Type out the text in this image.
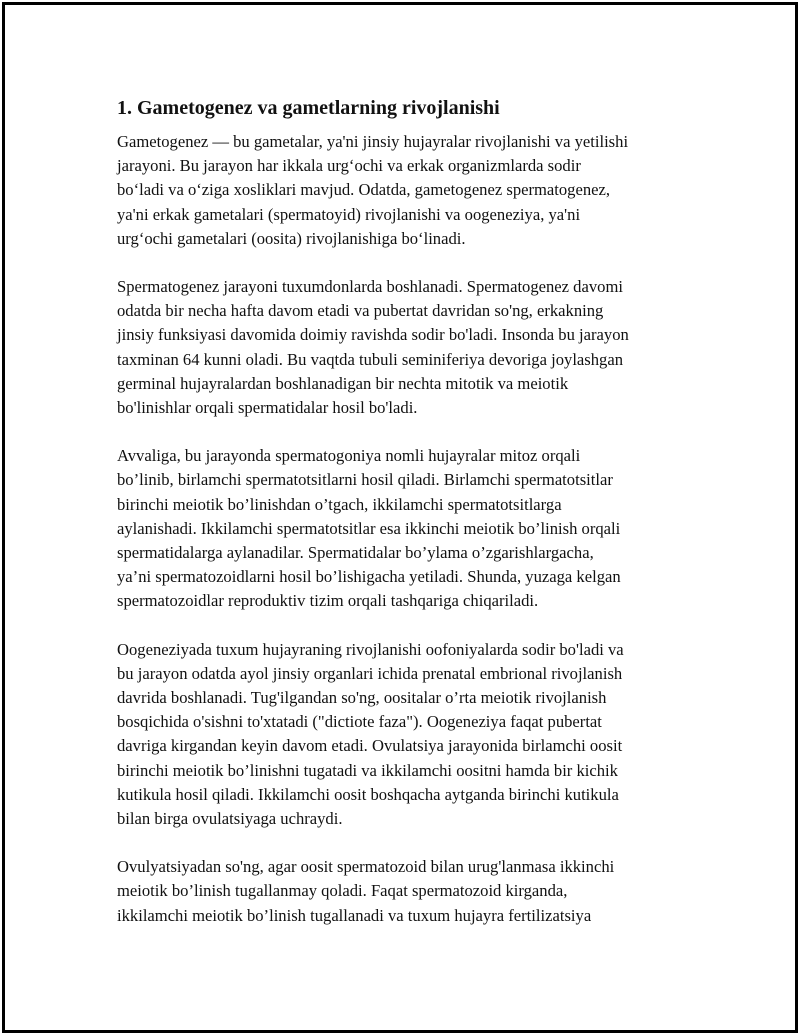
1. Gametogenez va gametlarning rivojlanishi

Gametogenez — bu gametalar, ya'ni jinsiy hujayralar rivojlanishi va yetilishi
jarayoni. Bu jarayon har ikkala urg‘ochi va erkak organizmlarda sodir
bo‘ladi va o‘ziga xosliklari mavjud. Odatda, gametogenez spermatogenez,
ya'ni erkak gametalari (spermatoyid) rivojlanishi va oogeneziya, ya'ni
urg‘ochi gametalari (oosita) rivojlanishiga bo‘linadi.

Spermatogenez jarayoni tuxumdonlarda boshlanadi. Spermatogenez davomi
odatda bir necha hafta davom etadi va pubertat davridan so'ng, erkakning
jinsiy funksiyasi davomida doimiy ravishda sodir bo'ladi. Insonda bu jarayon
taxminan 64 kunni oladi. Bu vaqtda tubuli seminiferiya devoriga joylashgan
germinal hujayralardan boshlanadigan bir nechta mitotik va meiotik
bo'linishlar orqali spermatidalar hosil bo'ladi.

Avvaliga, bu jarayonda spermatogoniya nomli hujayralar mitoz orqali
bo’linib, birlamchi spermatotsitlarni hosil qiladi. Birlamchi spermatotsitlar
birinchi meiotik bo’linishdan o’tgach, ikkilamchi spermatotsitlarga
aylanishadi. Ikkilamchi spermatotsitlar esa ikkinchi meiotik bo’linish orqali
spermatidalarga aylanadilar. Spermatidalar bo’ylama o’zgarishlargacha,
ya’ni spermatozoidlarni hosil bo’lishigacha yetiladi. Shunda, yuzaga kelgan
spermatozoidlar reproduktiv tizim orqali tashqariga chiqariladi.

Oogeneziyada tuxum hujayraning rivojlanishi oofoniyalarda sodir bo'ladi va
bu jarayon odatda ayol jinsiy organlari ichida prenatal embrional rivojlanish
davrida boshlanadi. Tug'ilgandan so'ng, oositalar o’rta meiotik rivojlanish
bosqichida o'sishni to'xtatadi ("dictiote faza"). Oogeneziya faqat pubertat
davriga kirgandan keyin davom etadi. Ovulatsiya jarayonida birlamchi oosit
birinchi meiotik bo’linishni tugatadi va ikkilamchi oositni hamda bir kichik
kutikula hosil qiladi. Ikkilamchi oosit boshqacha aytganda birinchi kutikula
bilan birga ovulatsiyaga uchraydi.

Ovulyatsiyadan so'ng, agar oosit spermatozoid bilan urug'lanmasa ikkinchi
meiotik bo’linish tugallanmay qoladi. Faqat spermatozoid kirganda,
ikkilamchi meiotik bo’linish tugallanadi va tuxum hujayra fertilizatsiya
